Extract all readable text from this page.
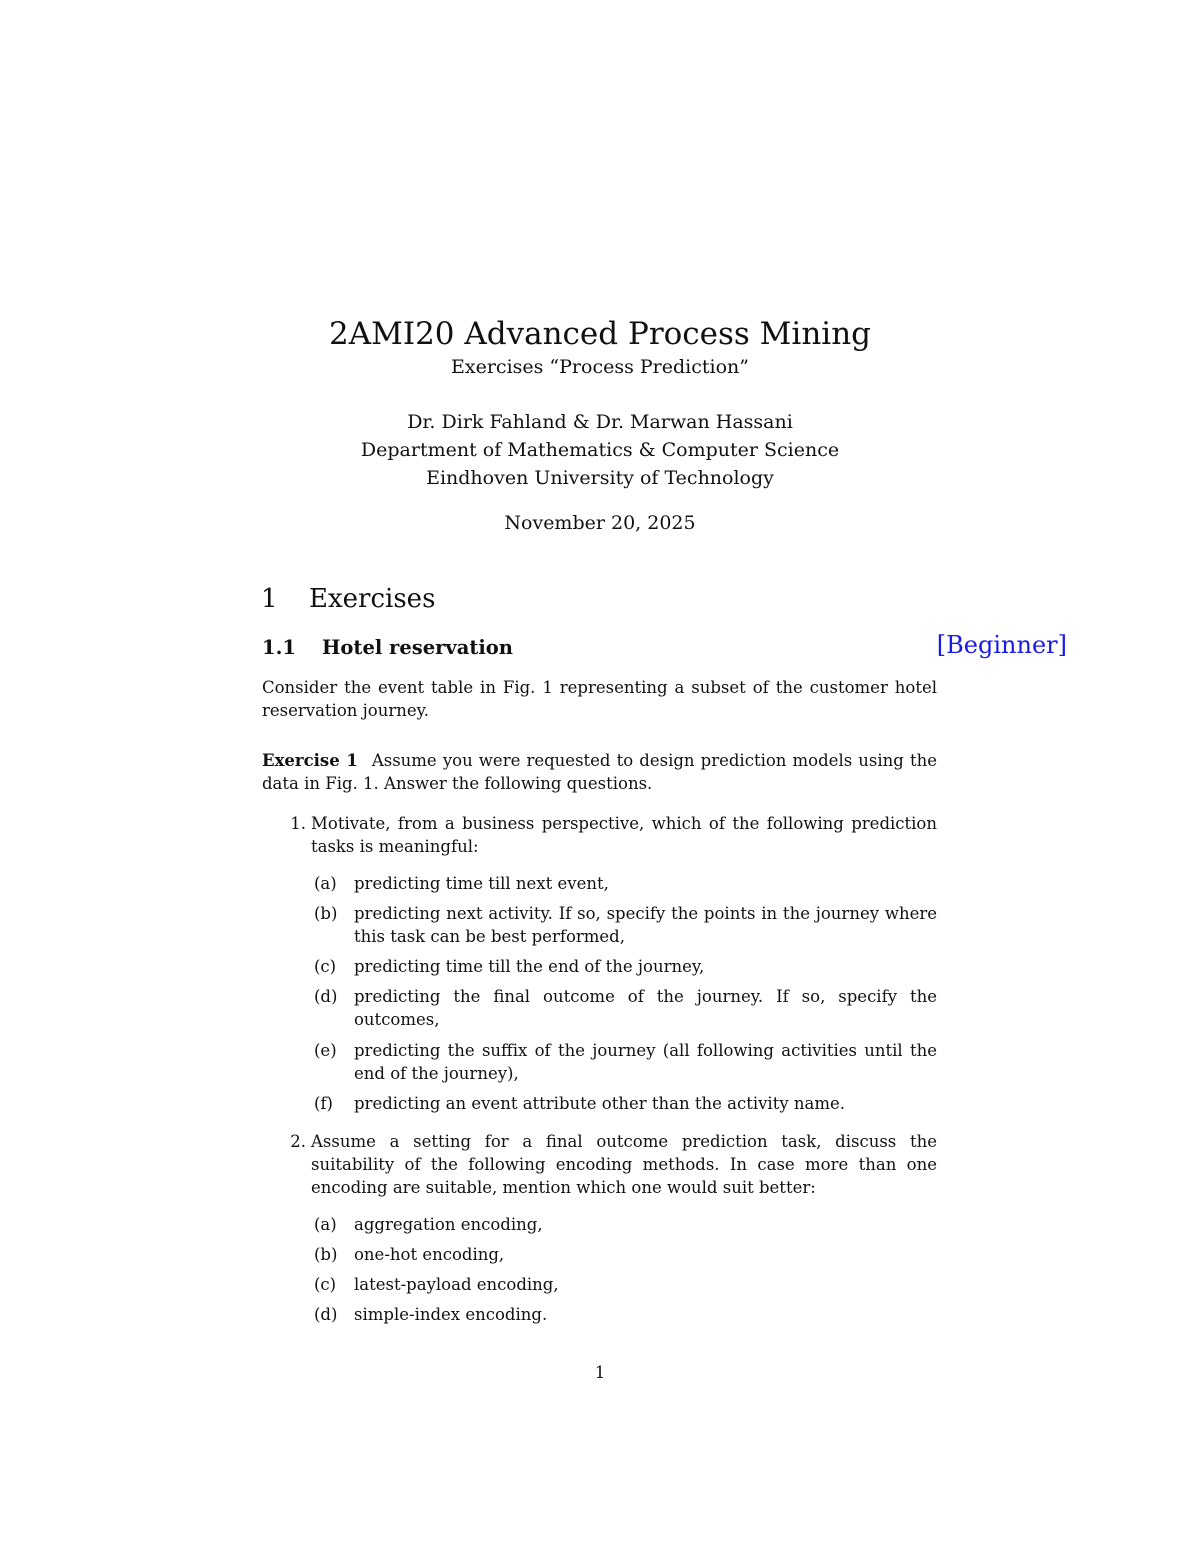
2AMI20 Advanced Process Mining
Exercises “Process Prediction”
Dr. Dirk Fahland & Dr. Marwan Hassani
Department of Mathematics & Computer Science
Eindhoven University of Technology
November 20, 2025
1 Exercises
1.1 Hotel reservation	[Beginner]
Consider the event table in Fig. 1 representing a subset of the customer hotel reservation journey.
Exercise 1 Assume you were requested to design prediction models using the data in Fig. 1. Answer the following questions.
1. Motivate, from a business perspective, which of the following prediction tasks is meaningful:
(a)	predicting time till next event,
(b)	predicting next activity. If so, specify the points in the journey where this task can be best performed,
(c)	predicting time till the end of the journey,
(d)	predicting the final outcome of the journey. If so, specify the outcomes,
(e)	predicting the suffix of the journey (all following activities until the end of the journey),
(f)	predicting an event attribute other than the activity name.
2. Assume a setting for a final outcome prediction task, discuss the suitability of the following encoding methods. In case more than one encoding are suitable, mention which one would suit better:
(a)	aggregation encoding,
(b)	one-hot encoding,
(c)	latest-payload encoding,
(d)	simple-index encoding.
1
